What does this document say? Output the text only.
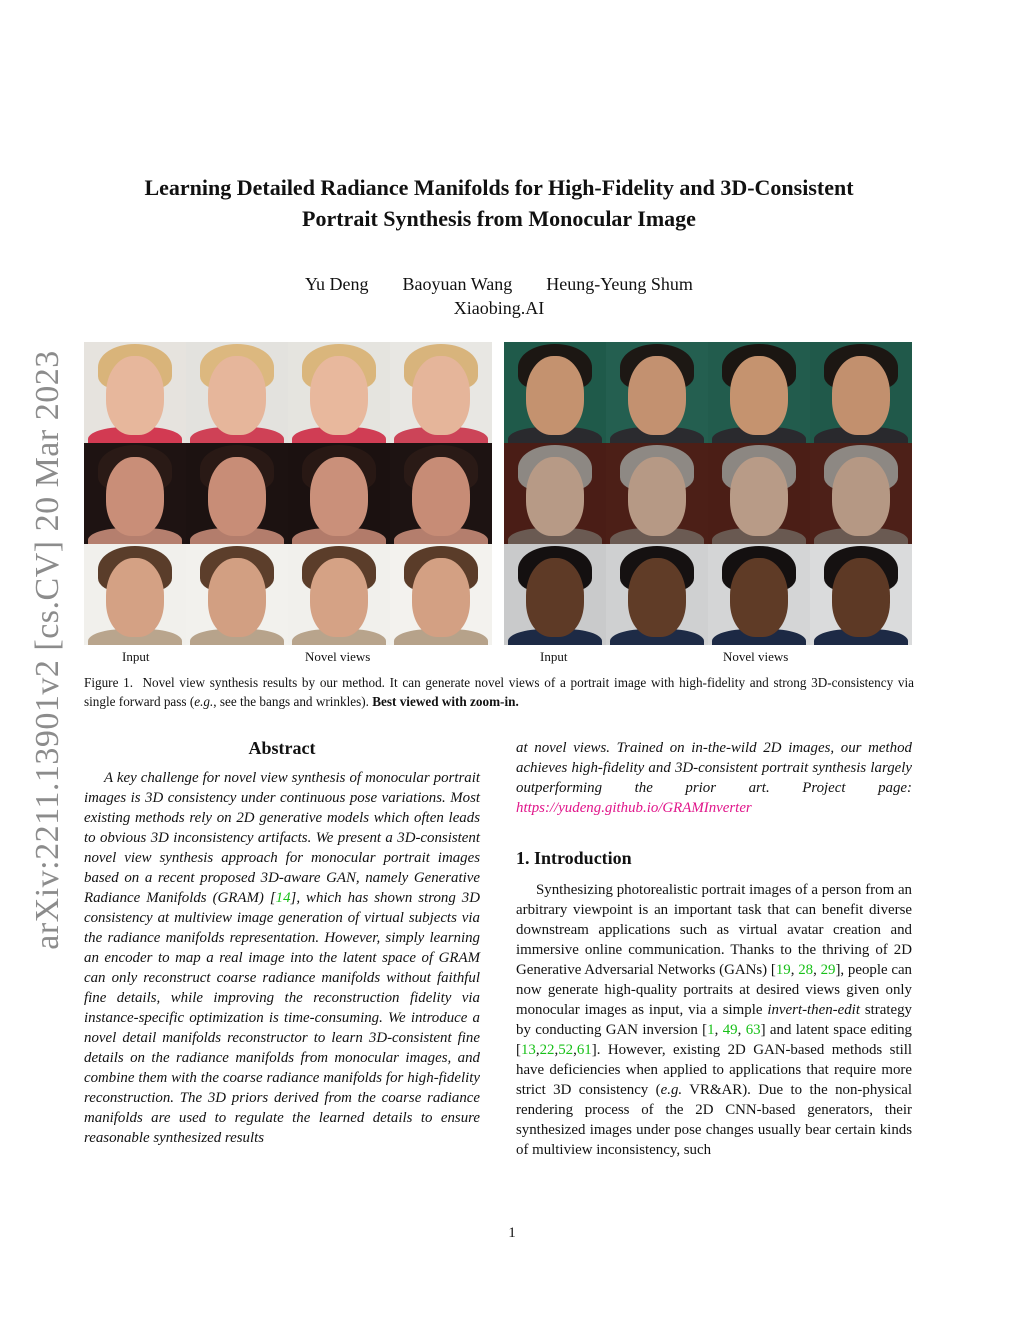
arXiv:2211.13901v2 [cs.CV] 20 Mar 2023
Learning Detailed Radiance Manifolds for High-Fidelity and 3D-Consistent
Portrait Synthesis from Monocular Image
Yu Deng Baoyuan Wang Heung-Yeung Shum
Xiaobing.AI
Input	Novel views	Input	Novel views
Figure 1. Novel view synthesis results by our method. It can generate novel views of a portrait image with high-fidelity and strong 3D-consistency via single forward pass (e.g., see the bangs and wrinkles). Best viewed with zoom-in.
Abstract

A key challenge for novel view synthesis of monocular portrait images is 3D consistency under continuous pose variations. Most existing methods rely on 2D generative models which often leads to obvious 3D inconsistency artifacts. We present a 3D-consistent novel view synthesis approach for monocular portrait images based on a recent proposed 3D-aware GAN, namely Generative Radiance Manifolds (GRAM) [14], which has shown strong 3D consistency at multiview image generation of virtual subjects via the radiance manifolds representation. However, simply learning an encoder to map a real image into the latent space of GRAM can only reconstruct coarse radiance manifolds without faithful fine details, while improving the reconstruction fidelity via instance-specific optimization is time-consuming. We introduce a novel detail manifolds reconstructor to learn 3D-consistent fine details on the radiance manifolds from monocular images, and combine them with the coarse radiance manifolds for high-fidelity reconstruction. The 3D priors derived from the coarse radiance manifolds are used to regulate the learned details to ensure reasonable synthesized results

at novel views. Trained on in-the-wild 2D images, our method achieves high-fidelity and 3D-consistent portrait synthesis largely outperforming the prior art. Project page: https://yudeng.github.io/GRAMInverter

1. Introduction

Synthesizing photorealistic portrait images of a person from an arbitrary viewpoint is an important task that can benefit diverse downstream applications such as virtual avatar creation and immersive online communication. Thanks to the thriving of 2D Generative Adversarial Networks (GANs) [19, 28, 29], people can now generate high-quality portraits at desired views given only monocular images as input, via a simple invert-then-edit strategy by conducting GAN inversion [1, 49, 63] and latent space editing [13,22,52,61]. However, existing 2D GAN-based methods still have deficiencies when applied to applications that require more strict 3D consistency (e.g. VR&AR). Due to the non-physical rendering process of the 2D CNN-based generators, their synthesized images under pose changes usually bear certain kinds of multiview inconsistency, such

1
